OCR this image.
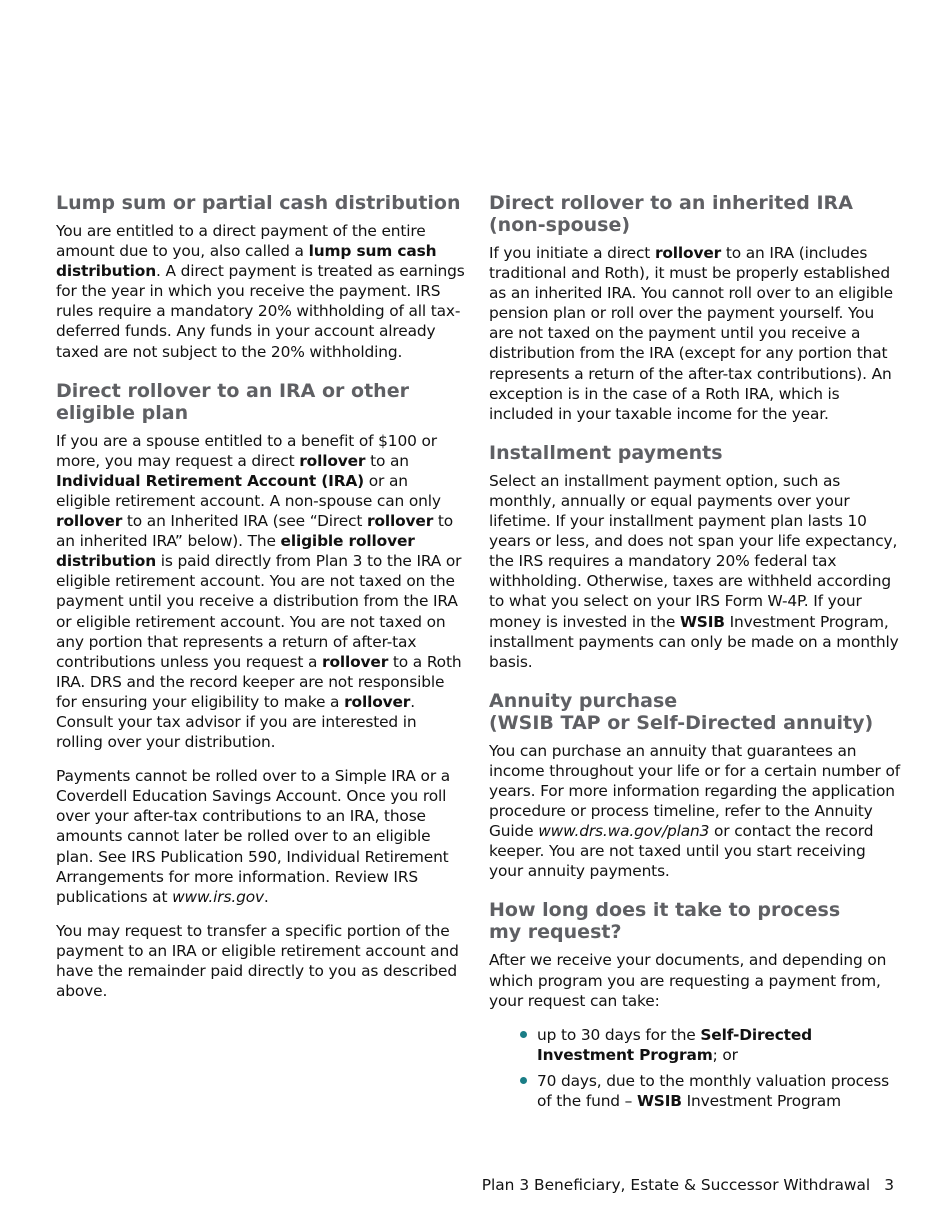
Lump sum or partial cash distribution

You are entitled to a direct payment of the entire amount due to you, also called a lump sum cash distribution. A direct payment is treated as earnings for the year in which you receive the payment. IRS rules require a mandatory 20% withholding of all tax-deferred funds. Any funds in your account already taxed are not subject to the 20% withholding.

Direct rollover to an IRA or other eligible plan

If you are a spouse entitled to a benefit of $100 or more, you may request a direct rollover to an Individual Retirement Account (IRA) or an eligible retirement account. A non-spouse can only rollover to an Inherited IRA (see “Direct rollover to an inherited IRA” below). The eligible rollover distribution is paid directly from Plan 3 to the IRA or eligible retirement account. You are not taxed on the payment until you receive a distribution from the IRA or eligible retirement account. You are not taxed on any portion that represents a return of after-tax contributions unless you request a rollover to a Roth IRA. DRS and the record keeper are not responsible for ensuring your eligibility to make a rollover. Consult your tax advisor if you are interested in rolling over your distribution.

Payments cannot be rolled over to a Simple IRA or a Coverdell Education Savings Account. Once you roll over your after-tax contributions to an IRA, those amounts cannot later be rolled over to an eligible plan. See IRS Publication 590, Individual Retirement Arrangements for more information. Review IRS publications at www.irs.gov.

You may request to transfer a specific portion of the payment to an IRA or eligible retirement account and have the remainder paid directly to you as described above.

Direct rollover to an inherited IRA (non-spouse)

If you initiate a direct rollover to an IRA (includes traditional and Roth), it must be properly established as an inherited IRA. You cannot roll over to an eligible pension plan or roll over the payment yourself. You are not taxed on the payment until you receive a distribution from the IRA (except for any portion that represents a return of the after-tax contributions). An exception is in the case of a Roth IRA, which is included in your taxable income for the year.

Installment payments

Select an installment payment option, such as monthly, annually or equal payments over your lifetime. If your installment payment plan lasts 10 years or less, and does not span your life expectancy, the IRS requires a mandatory 20% federal tax withholding. Otherwise, taxes are withheld according to what you select on your IRS Form W-4P. If your money is invested in the WSIB Investment Program, installment payments can only be made on a monthly basis.

Annuity purchase
(WSIB TAP or Self-Directed annuity)

You can purchase an annuity that guarantees an income throughout your life or for a certain number of years. For more information regarding the application procedure or process timeline, refer to the Annuity Guide www.drs.wa.gov/plan3 or contact the record keeper. You are not taxed until you start receiving your annuity payments.

How long does it take to process
my request?

After we receive your documents, and depending on which program you are requesting a payment from, your request can take:

up to 30 days for the Self-Directed Investment Program; or
70 days, due to the monthly valuation process of the fund – WSIB Investment Program
Plan 3 Beneficiary, Estate & Successor Withdrawal 3
